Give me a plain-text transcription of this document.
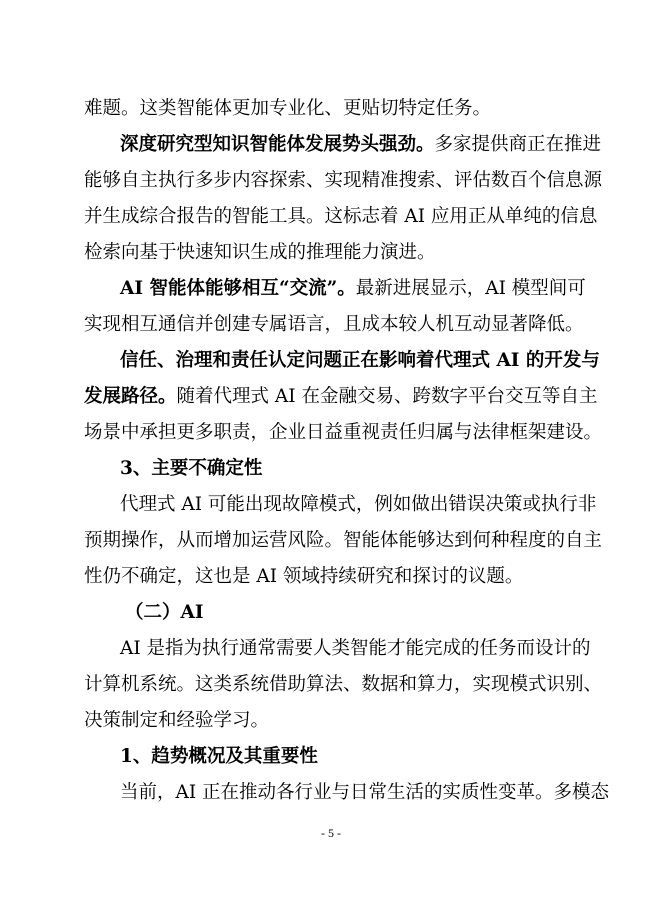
难题。这类智能体更加专业化、更贴切特定任务。
深度研究型知识智能体发展势头强劲。多家提供商正在推进
能够自主执行多步内容探索、实现精准搜索、评估数百个信息源
并生成综合报告的智能工具。这标志着 AI 应用正从单纯的信息
检索向基于快速知识生成的推理能力演进。
AI 智能体能够相互“交流”。最新进展显示，AI 模型间可
实现相互通信并创建专属语言，且成本较人机互动显著降低。
信任、治理和责任认定问题正在影响着代理式 AI 的开发与
发展路径。随着代理式 AI 在金融交易、跨数字平台交互等自主
场景中承担更多职责，企业日益重视责任归属与法律框架建设。
3、主要不确定性
代理式 AI 可能出现故障模式，例如做出错误决策或执行非
预期操作，从而增加运营风险。智能体能够达到何种程度的自主
性仍不确定，这也是 AI 领域持续研究和探讨的议题。
（二）AI
AI 是指为执行通常需要人类智能才能完成的任务而设计的
计算机系统。这类系统借助算法、数据和算力，实现模式识别、
决策制定和经验学习。
1、趋势概况及其重要性
当前，AI 正在推动各行业与日常生活的实质性变革。多模态
- 5 -
